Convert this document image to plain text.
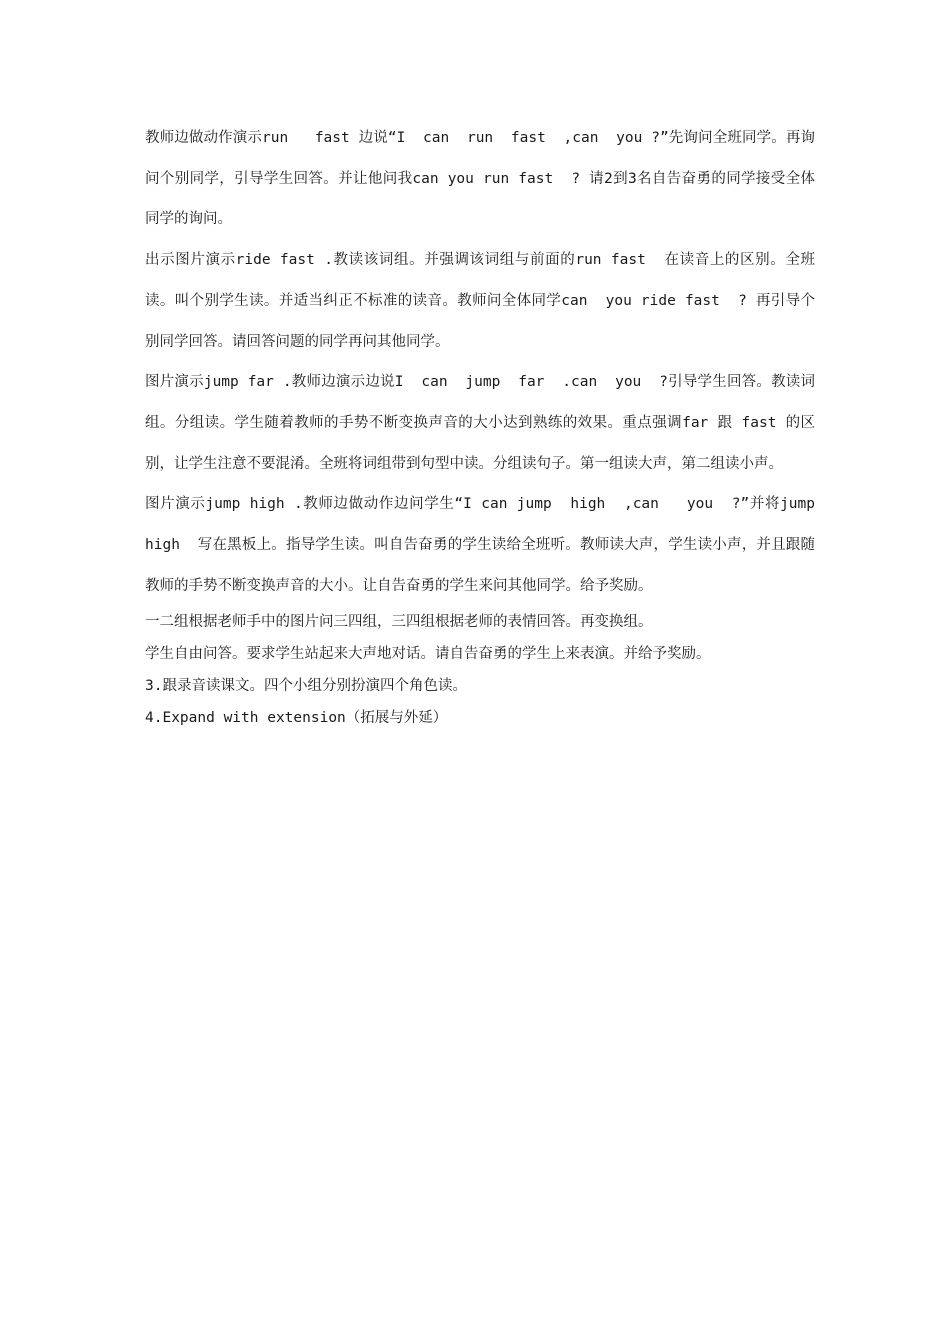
教师边做动作演示run   fast 边说“I  can  run  fast  ,can  you ?”先询问全班同学。再询问个别同学，引导学生回答。并让他问我can you run fast  ? 请2到3名自告奋勇的同学接受全体同学的询问。

出示图片演示ride fast .教读该词组。并强调该词组与前面的run fast  在读音上的区别。全班读。叫个别学生读。并适当纠正不标准的读音。教师问全体同学can  you ride fast  ? 再引导个别同学回答。请回答问题的同学再问其他同学。

图片演示jump far .教师边演示边说I  can  jump  far  .can  you  ?引导学生回答。教读词组。分组读。学生随着教师的手势不断变换声音的大小达到熟练的效果。重点强调far 跟 fast 的区别，让学生注意不要混淆。全班将词组带到句型中读。分组读句子。第一组读大声，第二组读小声。

图片演示jump high .教师边做动作边问学生“I can jump  high  ,can   you  ?”并将jump  high  写在黑板上。指导学生读。叫自告奋勇的学生读给全班听。教师读大声，学生读小声，并且跟随教师的手势不断变换声音的大小。让自告奋勇的学生来问其他同学。给予奖励。

一二组根据老师手中的图片问三四组，三四组根据老师的表情回答。再变换组。

学生自由问答。要求学生站起来大声地对话。请自告奋勇的学生上来表演。并给予奖励。

3.跟录音读课文。四个小组分别扮演四个角色读。

4.Expand with extension（拓展与外延）
